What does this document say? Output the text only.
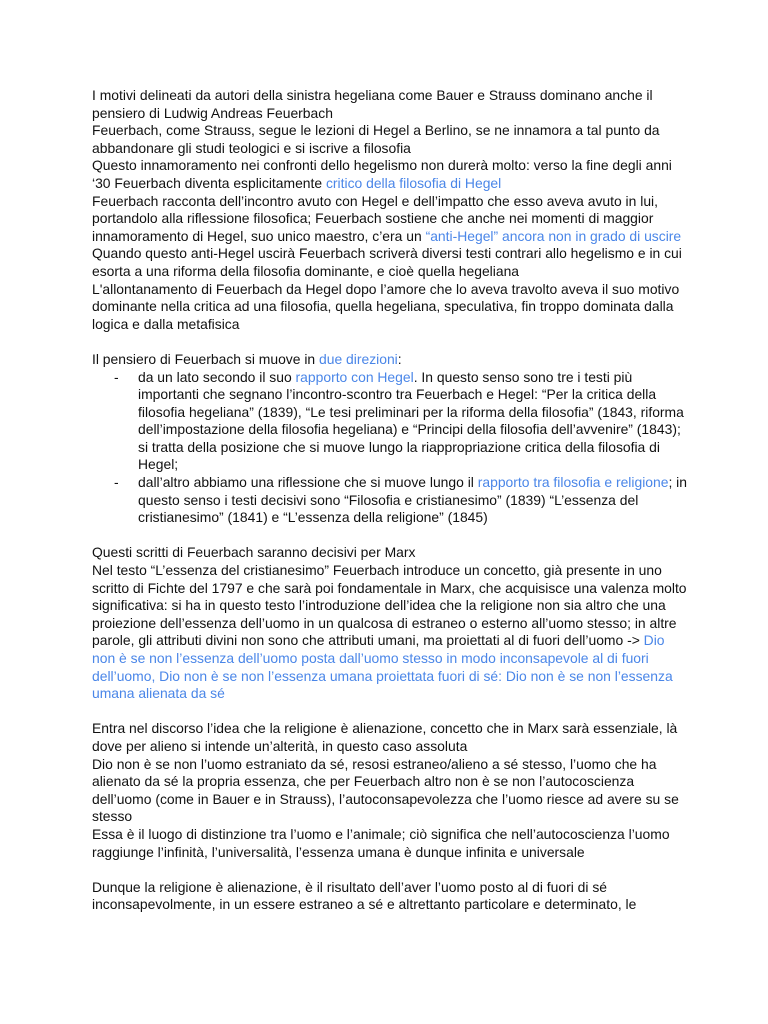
I motivi delineati da autori della sinistra hegeliana come Bauer e Strauss dominano anche il pensiero di Ludwig Andreas Feuerbach

Feuerbach, come Strauss, segue le lezioni di Hegel a Berlino, se ne innamora a tal punto da abbandonare gli studi teologici e si iscrive a filosofia

Questo innamoramento nei confronti dello hegelismo non durerà molto: verso la fine degli anni ‘30 Feuerbach diventa esplicitamente critico della filosofia di Hegel

Feuerbach racconta dell’incontro avuto con Hegel e dell’impatto che esso aveva avuto in lui, portandolo alla riflessione filosofica; Feuerbach sostiene che anche nei momenti di maggior innamoramento di Hegel, suo unico maestro, c’era un “anti-Hegel” ancora non in grado di uscire

Quando questo anti-Hegel uscirà Feuerbach scriverà diversi testi contrari allo hegelismo e in cui esorta a una riforma della filosofia dominante, e cioè quella hegeliana

L'allontanamento di Feuerbach da Hegel dopo l’amore che lo aveva travolto aveva il suo motivo dominante nella critica ad una filosofia, quella hegeliana, speculativa, fin troppo dominata dalla logica e dalla metafisica

Il pensiero di Feuerbach si muove in due direzioni:

- da un lato secondo il suo rapporto con Hegel. In questo senso sono tre i testi più importanti che segnano l’incontro-scontro tra Feuerbach e Hegel: “Per la critica della filosofia hegeliana” (1839), “Le tesi preliminari per la riforma della filosofia” (1843, riforma dell’impostazione della filosofia hegeliana) e “Principi della filosofia dell’avvenire” (1843); si tratta della posizione che si muove lungo la riappropriazione critica della filosofia di Hegel;
- dall’altro abbiamo una riflessione che si muove lungo il rapporto tra filosofia e religione; in questo senso i testi decisivi sono “Filosofia e cristianesimo” (1839) “L’essenza del cristianesimo” (1841) e “L’essenza della religione” (1845)

Questi scritti di Feuerbach saranno decisivi per Marx

Nel testo “L’essenza del cristianesimo” Feuerbach introduce un concetto, già presente in uno scritto di Fichte del 1797 e che sarà poi fondamentale in Marx, che acquisisce una valenza molto significativa: si ha in questo testo l’introduzione dell’idea che la religione non sia altro che una proiezione dell’essenza dell’uomo in un qualcosa di estraneo o esterno all’uomo stesso; in altre parole, gli attributi divini non sono che attributi umani, ma proiettati al di fuori dell’uomo -> Dio non è se non l’essenza dell’uomo posta dall’uomo stesso in modo inconsapevole al di fuori dell’uomo, Dio non è se non l’essenza umana proiettata fuori di sé: Dio non è se non l’essenza umana alienata da sé

Entra nel discorso l’idea che la religione è alienazione, concetto che in Marx sarà essenziale, là dove per alieno si intende un’alterità, in questo caso assoluta

Dio non è se non l’uomo estraniato da sé, resosi estraneo/alieno a sé stesso, l’uomo che ha alienato da sé la propria essenza, che per Feuerbach altro non è se non l’autocoscienza dell’uomo (come in Bauer e in Strauss), l’autoconsapevolezza che l’uomo riesce ad avere su se stesso

Essa è il luogo di distinzione tra l’uomo e l’animale; ciò significa che nell’autocoscienza l’uomo raggiunge l’infinità, l’universalità, l’essenza umana è dunque infinita e universale

Dunque la religione è alienazione, è il risultato dell’aver l’uomo posto al di fuori di sé inconsapevolmente, in un essere estraneo a sé e altrettanto particolare e determinato, le
